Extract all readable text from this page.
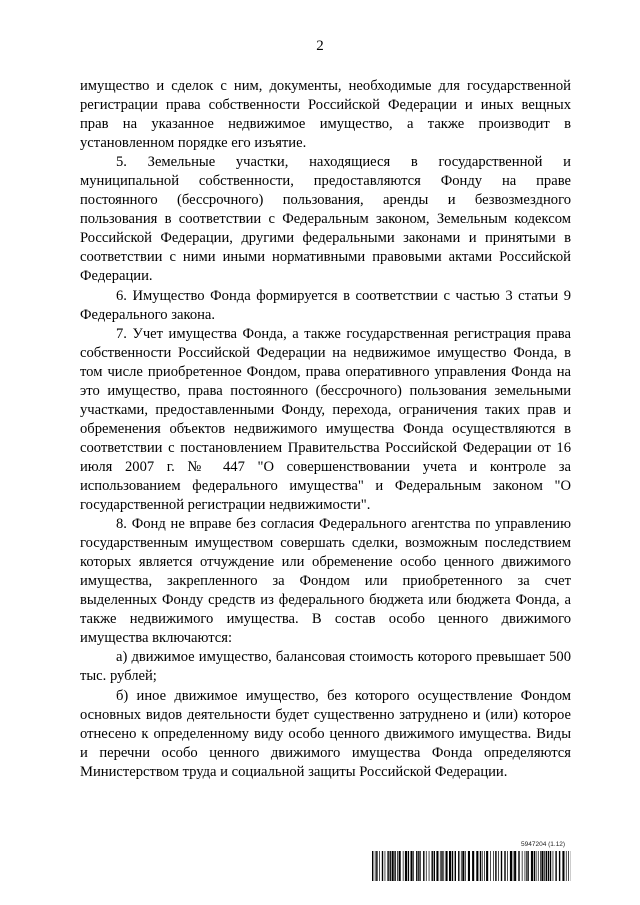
2

имущество и сделок с ним, документы, необходимые для государственной регистрации права собственности Российской Федерации и иных вещных прав на указанное недвижимое имущество, а также производит в установленном порядке его изъятие.

5. Земельные участки, находящиеся в государственной и муниципальной собственности, предоставляются Фонду на праве постоянного (бессрочного) пользования, аренды и безвозмездного пользования в соответствии с Федеральным законом, Земельным кодексом Российской Федерации, другими федеральными законами и принятыми в соответствии с ними иными нормативными правовыми актами Российской Федерации.

6. Имущество Фонда формируется в соответствии с частью 3 статьи 9 Федерального закона.

7. Учет имущества Фонда, а также государственная регистрация права собственности Российской Федерации на недвижимое имущество Фонда, в том числе приобретенное Фондом, права оперативного управления Фонда на это имущество, права постоянного (бессрочного) пользования земельными участками, предоставленными Фонду, перехода, ограничения таких прав и обременения объектов недвижимого имущества Фонда осуществляются в соответствии с постановлением Правительства Российской Федерации от 16 июля 2007 г. № 447 "О совершенствовании учета и контроле за использованием федерального имущества" и Федеральным законом "О государственной регистрации недвижимости".

8. Фонд не вправе без согласия Федерального агентства по управлению государственным имуществом совершать сделки, возможным последствием которых является отчуждение или обременение особо ценного движимого имущества, закрепленного за Фондом или приобретенного за счет выделенных Фонду средств из федерального бюджета или бюджета Фонда, а также недвижимого имущества. В состав особо ценного движимого имущества включаются:

а) движимое имущество, балансовая стоимость которого превышает 500 тыс. рублей;

б) иное движимое имущество, без которого осуществление Фондом основных видов деятельности будет существенно затруднено и (или) которое отнесено к определенному виду особо ценного движимого имущества. Виды и перечни особо ценного движимого имущества Фонда определяются Министерством труда и социальной защиты Российской Федерации.

5947204 (1.12)
